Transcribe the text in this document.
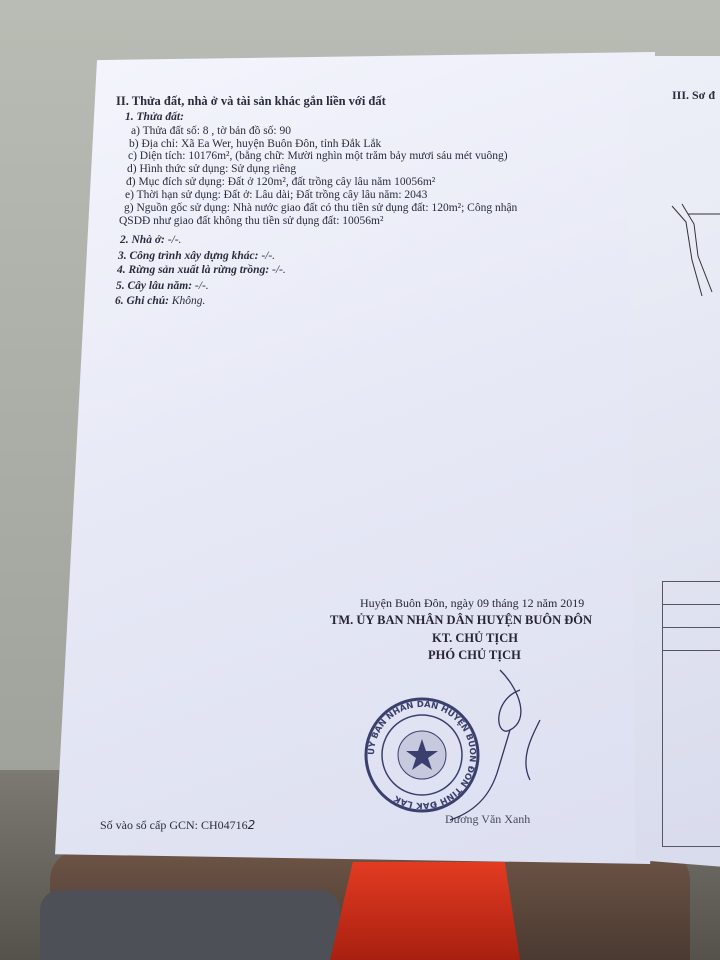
III. Sơ đ
II. Thửa đất, nhà ở và tài sản khác gắn liền với đất
1. Thửa đất:
a) Thửa đất số: 8 , tờ bản đồ số: 90
b) Địa chỉ: Xã Ea Wer, huyện Buôn Đôn, tỉnh Đắk Lắk
c) Diện tích: 10176m², (bằng chữ: Mười nghìn một trăm bảy mươi sáu mét vuông)
d) Hình thức sử dụng: Sử dụng riêng
đ) Mục đích sử dụng: Đất ở 120m², đất trồng cây lâu năm 10056m²
e) Thời hạn sử dụng: Đất ở: Lâu dài; Đất trồng cây lâu năm: 2043
g) Nguồn gốc sử dụng: Nhà nước giao đất có thu tiền sử dụng đất: 120m²; Công nhận
QSDĐ như giao đất không thu tiền sử dụng đất: 10056m²
2. Nhà ở: -/-.
3. Công trình xây dựng khác: -/-.
4. Rừng sản xuất là rừng trồng: -/-.
5. Cây lâu năm: -/-.
6. Ghi chú: Không.
Huyện Buôn Đôn, ngày 09 tháng 12 năm 2019
TM. ỦY BAN NHÂN DÂN HUYỆN BUÔN ĐÔN
KT. CHỦ TỊCH
PHÓ CHỦ TỊCH
Dương Văn Xanh
Số vào sổ cấp GCN: CH047162
ỦY BAN NHÂN DÂN HUYỆN BUÔN ĐÔN TỈNH ĐẮK LẮK
